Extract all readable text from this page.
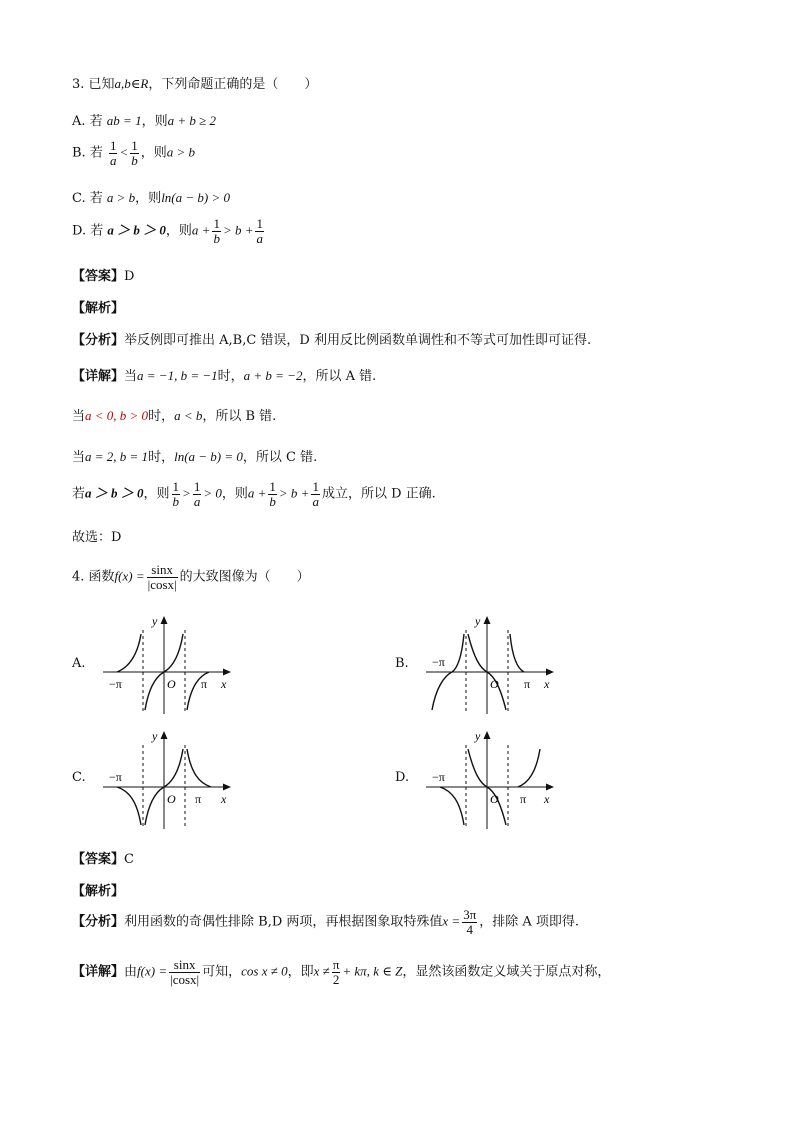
3. 已知a,b∈R，下列命题正确的是（　　）
A. 若 ab = 1，则a + b ≥ 2
B. 若 $\frac{1}{a} < \frac{1}{b}$ ，则a > b
C. 若 a > b，则ln(a − b) > 0
D. 若 a ＞ b ＞ 0，则$a + \frac{1}{b} > b + \frac{1}{a}$
【答案】D
【解析】
【分析】举反例即可推出 A,B,C 错误，D 利用反比例函数单调性和不等式可加性即可证得.
【详解】当a = −1, b = −1时，a + b = −2，所以 A 错.
当a < 0, b > 0时，a < b，所以 B 错.
当a = 2, b = 1时，ln(a − b) = 0，所以 C 错.
若a ＞ b ＞ 0，则 $\frac{1}{b} > \frac{1}{a} > 0$，则$a + \frac{1}{b} > b + \frac{1}{a}$ 成立，所以 D 正确.
故选：D
4. 函数$f(x) = \frac{\sin x}{|\cos x|}$ 的大致图像为（　　）
A.	B.
C.	D.
y
x
O
−π	π
y
x
O
−π
π
y
x
O
−π
π
y
x
O
−π
π
【答案】C
【解析】
【分析】利用函数的奇偶性排除 B,D 两项，再根据图象取特殊值$x = \frac{3\pi}{4}$ ，排除 A 项即得.
【详解】由$f(x) = \frac{\sin x}{|\cos x|}$ 可知，cos x ≠ 0，即$x \ne \frac{\pi}{2} + k\pi$, k ∈ Z，显然该函数定义域关于原点对称，
